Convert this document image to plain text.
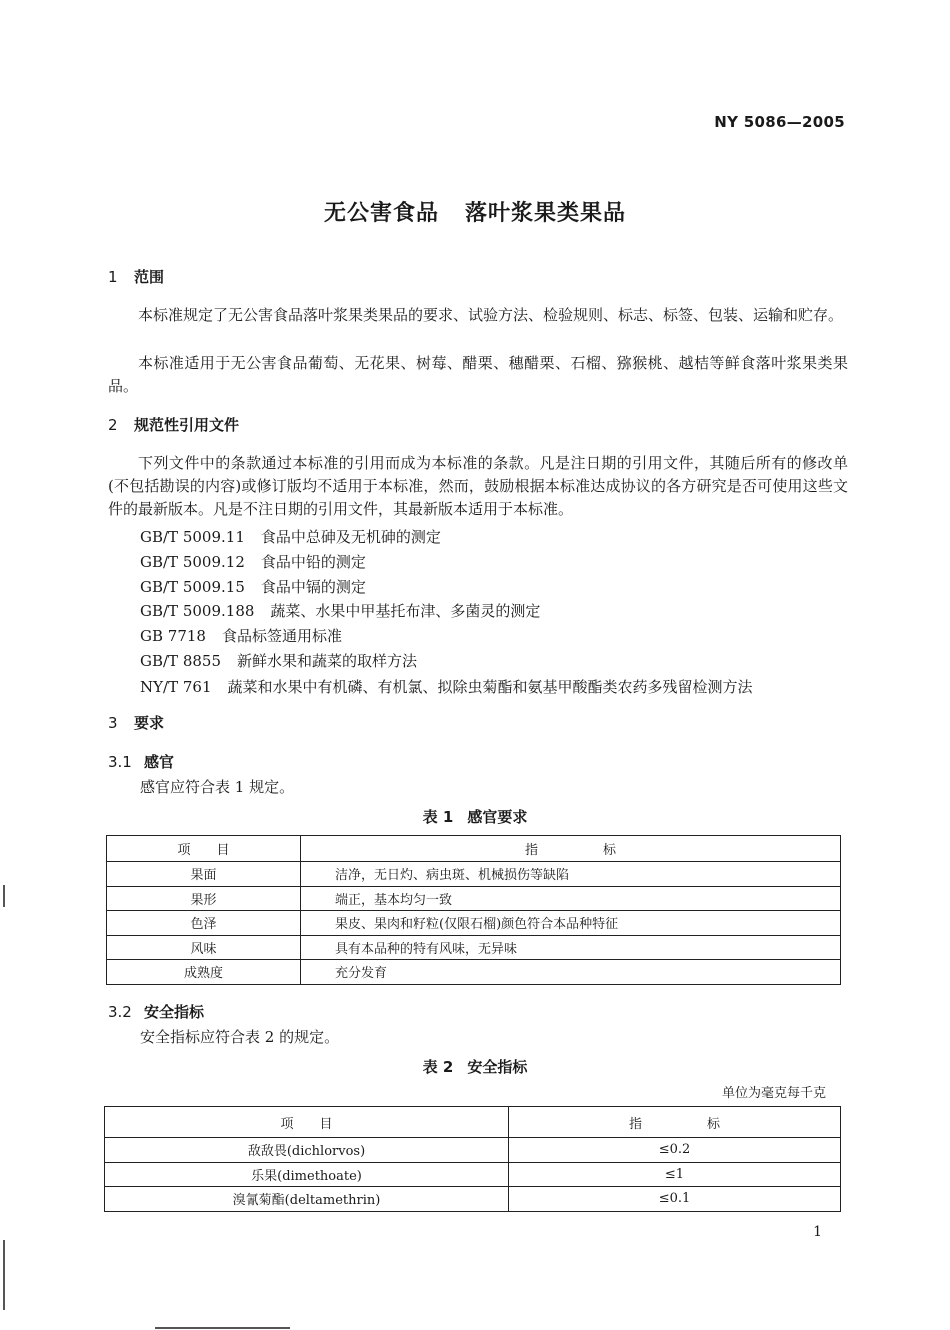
NY 5086—2005
无公害食品 落叶浆果类果品
1 范围
本标准规定了无公害食品落叶浆果类果品的要求、试验方法、检验规则、标志、标签、包装、运输和贮存。
本标准适用于无公害食品葡萄、无花果、树莓、醋栗、穗醋栗、石榴、猕猴桃、越桔等鲜食落叶浆果类果品。
2 规范性引用文件
下列文件中的条款通过本标准的引用而成为本标准的条款。凡是注日期的引用文件，其随后所有的修改单(不包括勘误的内容)或修订版均不适用于本标准，然而，鼓励根据本标准达成协议的各方研究是否可使用这些文件的最新版本。凡是不注日期的引用文件，其最新版本适用于本标准。
GB/T 5009.11 食品中总砷及无机砷的测定
GB/T 5009.12 食品中铅的测定
GB/T 5009.15 食品中镉的测定
GB/T 5009.188 蔬菜、水果中甲基托布津、多菌灵的测定
GB 7718 食品标签通用标准
GB/T 8855 新鲜水果和蔬菜的取样方法
NY/T 761 蔬菜和水果中有机磷、有机氯、拟除虫菊酯和氨基甲酸酯类农药多残留检测方法
3 要求
3.1 感官
感官应符合表 1 规定。
表 1 感官要求
项　　目	指　　　　　标
果面	洁净，无日灼、病虫斑、机械损伤等缺陷
果形	端正，基本均匀一致
色泽	果皮、果肉和籽粒(仅限石榴)颜色符合本品种特征
风味	具有本品种的特有风味，无异味
成熟度	充分发育
3.2 安全指标
安全指标应符合表 2 的规定。
表 2 安全指标
单位为毫克每千克
项　　目	指　　　　　标
敌敌畏(dichlorvos)	≤0.2
乐果(dimethoate)	≤1
溴氰菊酯(deltamethrin)	≤0.1
1
